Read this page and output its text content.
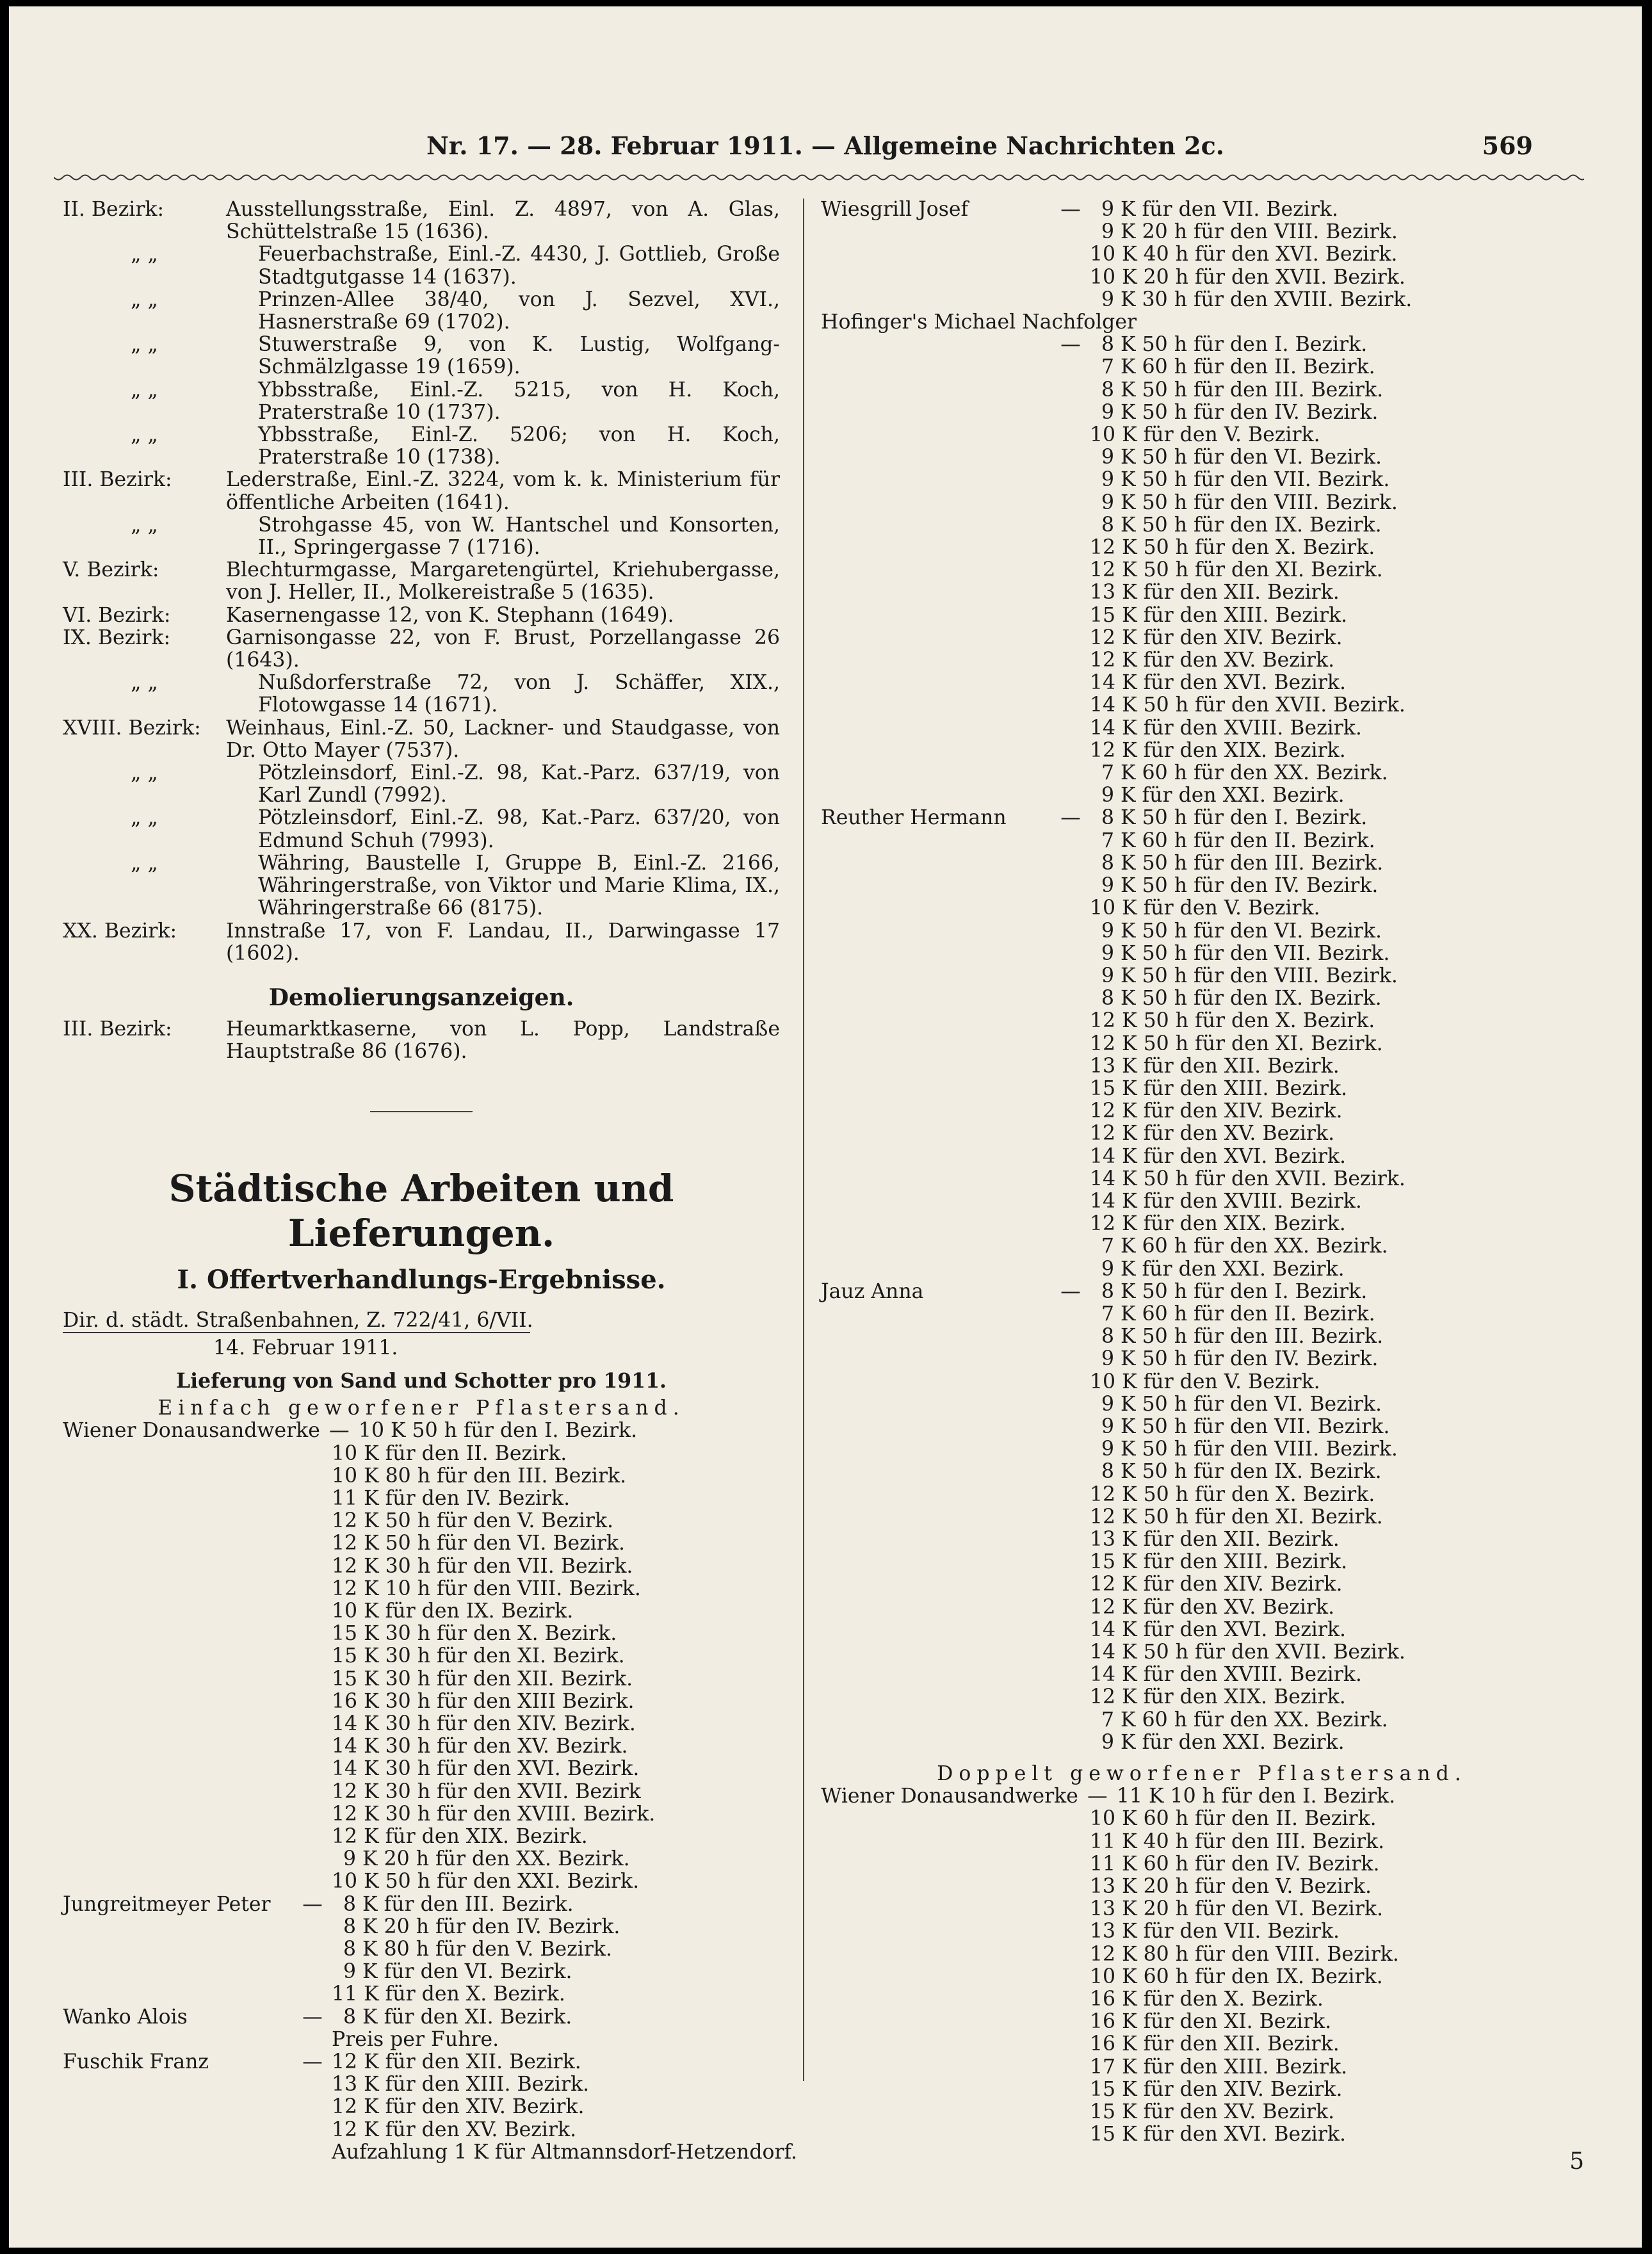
Nr. 17. — 28. Februar 1911. — Allgemeine Nachrichten 2c.	569
II. Bezirk:	Ausstellungsstraße, Einl. Z. 4897, von A. Glas, Schüttelstraße 15 (1636).
„ „	Feuerbachstraße, Einl.-Z. 4430, J. Gottlieb, Große Stadtgutgasse 14 (1637).
„ „	Prinzen-Allee 38/40, von J. Sezvel, XVI., Hasnerstraße 69 (1702).
„ „	Stuwerstraße 9, von K. Lustig, Wolfgang-Schmälzlgasse 19 (1659).
„ „	Ybbsstraße, Einl.-Z. 5215, von H. Koch, Praterstraße 10 (1737).
„ „	Ybbsstraße, Einl-Z. 5206; von H. Koch, Praterstraße 10 (1738).
III. Bezirk:	Lederstraße, Einl.-Z. 3224, vom k. k. Ministerium für öffentliche Arbeiten (1641).
„ „	Strohgasse 45, von W. Hantschel und Konsorten, II., Springergasse 7 (1716).
V. Bezirk:	Blechturmgasse, Margaretengürtel, Kriehubergasse, von J. Heller, II., Molkereistraße 5 (1635).
VI. Bezirk:	Kasernengasse 12, von K. Stephann (1649).
IX. Bezirk:	Garnisongasse 22, von F. Brust, Porzellangasse 26 (1643).
„ „	Nußdorferstraße 72, von J. Schäffer, XIX., Flotowgasse 14 (1671).
XVIII. Bezirk:	Weinhaus, Einl.-Z. 50, Lackner- und Staudgasse, von Dr. Otto Mayer (7537).
„ „	Pötzleinsdorf, Einl.-Z. 98, Kat.-Parz. 637/19, von Karl Zundl (7992).
„ „	Pötzleinsdorf, Einl.-Z. 98, Kat.-Parz. 637/20, von Edmund Schuh (7993).
„ „	Währing, Baustelle I, Gruppe B, Einl.-Z. 2166, Währingerstraße, von Viktor und Marie Klima, IX., Währingerstraße 66 (8175).
XX. Bezirk:	Innstraße 17, von F. Landau, II., Darwingasse 17 (1602).
Demolierungsanzeigen.
III. Bezirk:	Heumarktkaserne, von L. Popp, Landstraße Hauptstraße 86 (1676).
Städtische Arbeiten und Lieferungen.
I. Offertverhandlungs-Ergebnisse.
Dir. d. städt. Straßenbahnen, Z. 722/41, 6/VII.
14. Februar 1911.
Lieferung von Sand und Schotter pro 1911.
Einfach geworfener Pflastersand.
Wiener Donausandwerke — 10 K 50 h für den I. Bezirk.
10 K für den II. Bezirk.
10 K 80 h für den III. Bezirk.
11 K für den IV. Bezirk.
12 K 50 h für den V. Bezirk.
12 K 50 h für den VI. Bezirk.
12 K 30 h für den VII. Bezirk.
12 K 10 h für den VIII. Bezirk.
10 K für den IX. Bezirk.
15 K 30 h für den X. Bezirk.
15 K 30 h für den XI. Bezirk.
15 K 30 h für den XII. Bezirk.
16 K 30 h für den XIII Bezirk.
14 K 30 h für den XIV. Bezirk.
14 K 30 h für den XV. Bezirk.
14 K 30 h für den XVI. Bezirk.
12 K 30 h für den XVII. Bezirk
12 K 30 h für den XVIII. Bezirk.
12 K für den XIX. Bezirk.
9 K 20 h für den XX. Bezirk.
10 K 50 h für den XXI. Bezirk.
Jungreitmeyer Peter	—	8 K für den III. Bezirk.
8 K 20 h für den IV. Bezirk.
8 K 80 h für den V. Bezirk.
9 K für den VI. Bezirk.
11 K für den X. Bezirk.
Wanko Alois	—	8 K für den XI. Bezirk.
Preis per Fuhre.
Fuschik Franz	— 12 K für den XII. Bezirk.
13 K für den XIII. Bezirk.
12 K für den XIV. Bezirk.
12 K für den XV. Bezirk.
Aufzahlung 1 K für Altmannsdorf-Hetzendorf.
Wiesgrill Josef	—	9 K für den VII. Bezirk.
9 K 20 h für den VIII. Bezirk.
10 K 40 h für den XVI. Bezirk.
10 K 20 h für den XVII. Bezirk.
9 K 30 h für den XVIII. Bezirk.
Hofinger's Michael Nachfolger
—	8 K 50 h für den I. Bezirk.
7 K 60 h für den II. Bezirk.
8 K 50 h für den III. Bezirk.
9 K 50 h für den IV. Bezirk.
10 K für den V. Bezirk.
9 K 50 h für den VI. Bezirk.
9 K 50 h für den VII. Bezirk.
9 K 50 h für den VIII. Bezirk.
8 K 50 h für den IX. Bezirk.
12 K 50 h für den X. Bezirk.
12 K 50 h für den XI. Bezirk.
13 K für den XII. Bezirk.
15 K für den XIII. Bezirk.
12 K für den XIV. Bezirk.
12 K für den XV. Bezirk.
14 K für den XVI. Bezirk.
14 K 50 h für den XVII. Bezirk.
14 K für den XVIII. Bezirk.
12 K für den XIX. Bezirk.
7 K 60 h für den XX. Bezirk.
9 K für den XXI. Bezirk.
Reuther Hermann	—	8 K 50 h für den I. Bezirk.
7 K 60 h für den II. Bezirk.
8 K 50 h für den III. Bezirk.
9 K 50 h für den IV. Bezirk.
10 K für den V. Bezirk.
9 K 50 h für den VI. Bezirk.
9 K 50 h für den VII. Bezirk.
9 K 50 h für den VIII. Bezirk.
8 K 50 h für den IX. Bezirk.
12 K 50 h für den X. Bezirk.
12 K 50 h für den XI. Bezirk.
13 K für den XII. Bezirk.
15 K für den XIII. Bezirk.
12 K für den XIV. Bezirk.
12 K für den XV. Bezirk.
14 K für den XVI. Bezirk.
14 K 50 h für den XVII. Bezirk.
14 K für den XVIII. Bezirk.
12 K für den XIX. Bezirk.
7 K 60 h für den XX. Bezirk.
9 K für den XXI. Bezirk.
Jauz Anna	—	8 K 50 h für den I. Bezirk.
7 K 60 h für den II. Bezirk.
8 K 50 h für den III. Bezirk.
9 K 50 h für den IV. Bezirk.
10 K für den V. Bezirk.
9 K 50 h für den VI. Bezirk.
9 K 50 h für den VII. Bezirk.
9 K 50 h für den VIII. Bezirk.
8 K 50 h für den IX. Bezirk.
12 K 50 h für den X. Bezirk.
12 K 50 h für den XI. Bezirk.
13 K für den XII. Bezirk.
15 K für den XIII. Bezirk.
12 K für den XIV. Bezirk.
12 K für den XV. Bezirk.
14 K für den XVI. Bezirk.
14 K 50 h für den XVII. Bezirk.
14 K für den XVIII. Bezirk.
12 K für den XIX. Bezirk.
7 K 60 h für den XX. Bezirk.
9 K für den XXI. Bezirk.
Doppelt geworfener Pflastersand.
Wiener Donausandwerke — 11 K 10 h für den I. Bezirk.
10 K 60 h für den II. Bezirk.
11 K 40 h für den III. Bezirk.
11 K 60 h für den IV. Bezirk.
13 K 20 h für den V. Bezirk.
13 K 20 h für den VI. Bezirk.
13 K für den VII. Bezirk.
12 K 80 h für den VIII. Bezirk.
10 K 60 h für den IX. Bezirk.
16 K für den X. Bezirk.
16 K für den XI. Bezirk.
16 K für den XII. Bezirk.
17 K für den XIII. Bezirk.
15 K für den XIV. Bezirk.
15 K für den XV. Bezirk.
15 K für den XVI. Bezirk.
5
